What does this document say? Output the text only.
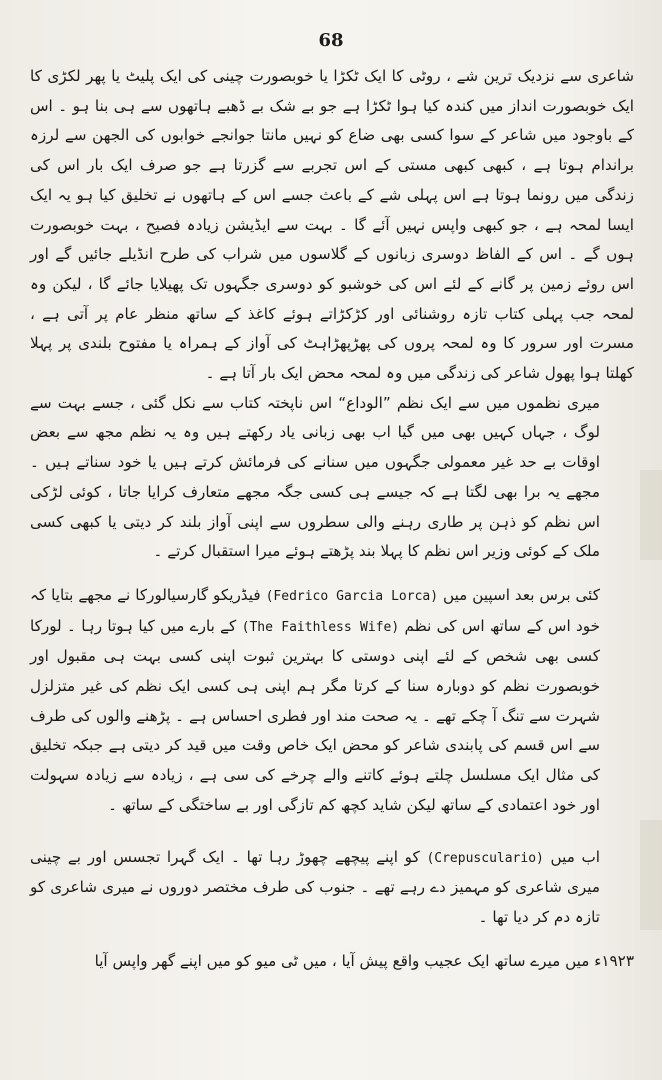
68

شاعری سے نزدیک ترین شے ، روٹی کا ایک ٹکڑا یا خوبصورت چینی کی ایک پلیٹ یا پھر لکڑی کا ایک خوبصورت انداز میں کندہ کیا ہوا ٹکڑا ہے جو بے شک بے ڈھبے ہاتھوں سے ہی بنا ہو ۔ اس کے باوجود میں شاعر کے سوا کسی بھی ضاع کو نہیں مانتا جوانجے خوابوں کی الجھن سے لرزہ براندام ہوتا ہے ، کبھی کبھی مستی کے اس تجربے سے گزرتا ہے جو صرف ایک بار اس کی زندگی میں رونما ہوتا ہے اس پہلی شے کے باعث جسے اس کے ہاتھوں نے تخلیق کیا ہو یہ ایک ایسا لمحہ ہے ، جو کبھی واپس نہیں آئے گا ۔ بہت سے ایڈیشن زیادہ فصیح ، بہت خوبصورت ہوں گے ۔ اس کے الفاظ دوسری زبانوں کے گلاسوں میں شراب کی طرح انڈیلے جائیں گے اور اس روئے زمین پر گانے کے لئے اس کی خوشبو کو دوسری جگہوں تک پھیلایا جائے گا ، لیکن وہ لمحہ جب پہلی کتاب تازہ روشنائی اور کڑکڑاتے ہوئے کاغذ کے ساتھ منظر عام پر آتی ہے ، مسرت اور سرور کا وہ لمحہ پروں کی پھڑپھڑاہٹ کی آواز کے ہمراہ یا مفتوح بلندی پر پہلا کھلتا ہوا پھول شاعر کی زندگی میں وہ لمحہ محض ایک بار آتا ہے ۔

میری نظموں میں سے ایک نظم ”الوداع“ اس ناپختہ کتاب سے نکل گئی ، جسے بہت سے لوگ ، جہاں کہیں بھی میں گیا اب بھی زبانی یاد رکھتے ہیں وہ یہ نظم مجھ سے بعض اوقات بے حد غیر معمولی جگہوں میں سنانے کی فرمائش کرتے ہیں یا خود سناتے ہیں ۔ مجھے یہ برا بھی لگتا ہے کہ جیسے ہی کسی جگہ مجھے متعارف کرایا جاتا ، کوئی لڑکی اس نظم کو ذہن پر طاری رہنے والی سطروں سے اپنی آواز بلند کر دیتی یا کبھی کسی ملک کے کوئی وزیر اس نظم کا پہلا بند پڑھتے ہوئے میرا استقبال کرتے ۔

کئی برس بعد اسپین میں (Fedrico Garcia Lorca) فیڈریکو گارسیالورکا نے مجھے بتایا کہ خود اس کے ساتھ اس کی نظم (The Faithless Wife) کے بارے میں کیا ہوتا رہا ۔ لورکا کسی بھی شخص کے لئے اپنی دوستی کا بہترین ثبوت اپنی کسی بہت ہی مقبول اور خوبصورت نظم کو دوبارہ سنا کے کرتا مگر ہم اپنی ہی کسی ایک نظم کی غیر متزلزل شہرت سے تنگ آ چکے تھے ۔ یہ صحت مند اور فطری احساس ہے ۔ پڑھنے والوں کی طرف سے اس قسم کی پابندی شاعر کو محض ایک خاص وقت میں قید کر دیتی ہے جبکہ تخلیق کی مثال ایک مسلسل چلتے ہوئے کاتنے والے چرخے کی سی ہے ، زیادہ سے زیادہ سہولت اور خود اعتمادی کے ساتھ لیکن شاید کچھ کم تازگی اور بے ساختگی کے ساتھ ۔

اب میں (Crepusculario) کو اپنے پیچھے چھوڑ رہا تھا ۔ ایک گہرا تجسس اور بے چینی میری شاعری کو مہمیز دے رہے تھے ۔ جنوب کی طرف مختصر دوروں نے میری شاعری کو تازہ دم کر دیا تھا ۔

۱۹۲۳ء میں میرے ساتھ ایک عجیب واقع پیش آیا ، میں ٹی میو کو میں اپنے گھر واپس آیا
